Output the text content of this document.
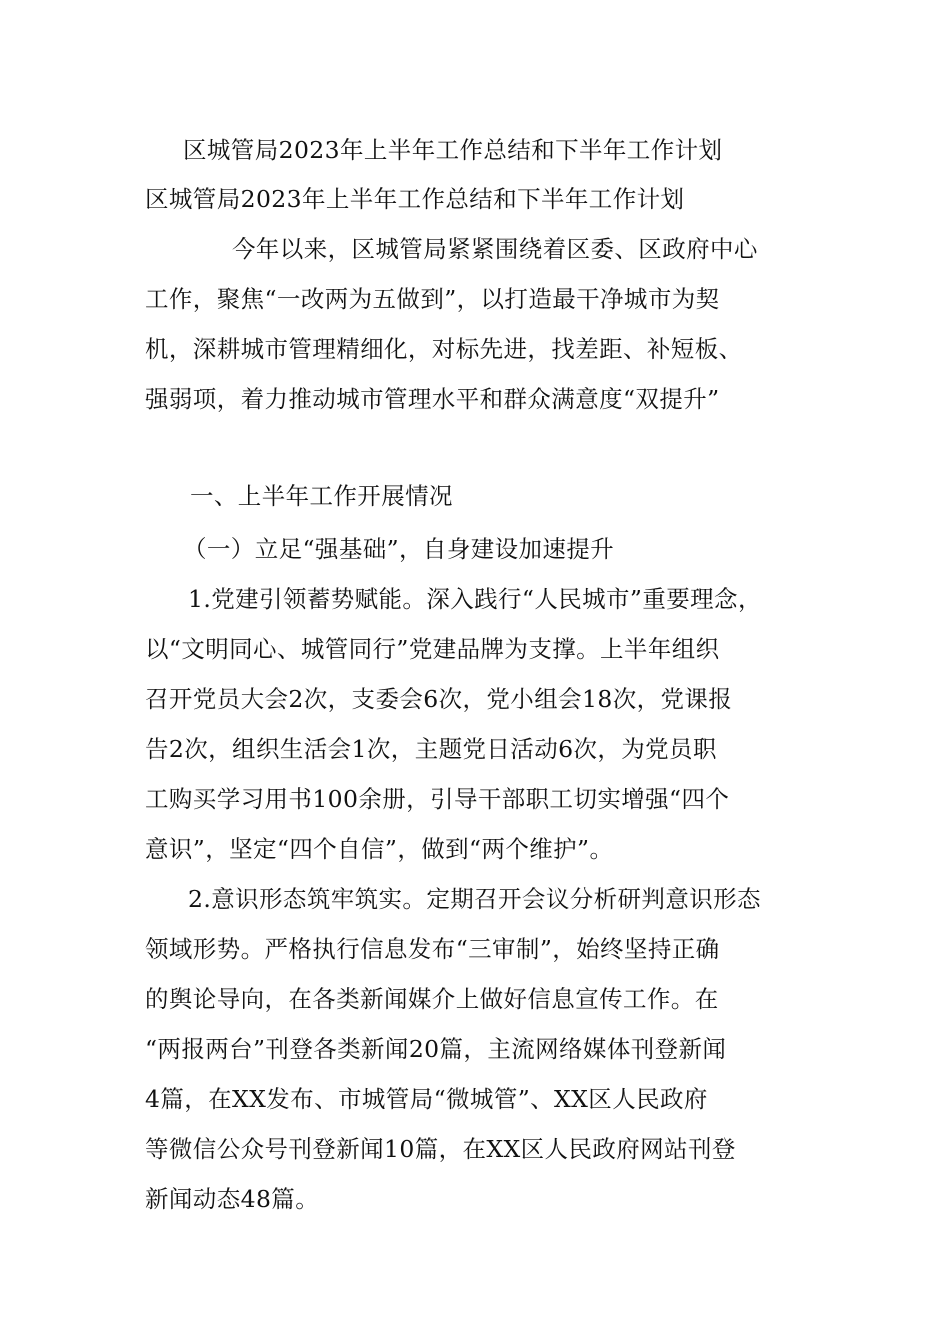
区城管局2023年上半年工作总结和下半年工作计划
区城管局2023年上半年工作总结和下半年工作计划
今年以来，区城管局紧紧围绕着区委、区政府中心
工作，聚焦“一改两为五做到”，以打造最干净城市为契
机，深耕城市管理精细化，对标先进，找差距、补短板、
强弱项，着力推动城市管理水平和群众满意度“双提升”
一、上半年工作开展情况
（一）立足“强基础”，自身建设加速提升
1.党建引领蓄势赋能。深入践行“人民城市”重要理念，
以“文明同心、城管同行”党建品牌为支撑。上半年组织
召开党员大会2次，支委会6次，党小组会18次，党课报
告2次，组织生活会1次，主题党日活动6次，为党员职
工购买学习用书100余册，引导干部职工切实增强“四个
意识”，坚定“四个自信”，做到“两个维护”。
2.意识形态筑牢筑实。定期召开会议分析研判意识形态
领域形势。严格执行信息发布“三审制”，始终坚持正确
的舆论导向，在各类新闻媒介上做好信息宣传工作。在
“两报两台”刊登各类新闻20篇，主流网络媒体刊登新闻
4篇，在XX发布、市城管局“微城管”、XX区人民政府
等微信公众号刊登新闻10篇，在XX区人民政府网站刊登
新闻动态48篇。
